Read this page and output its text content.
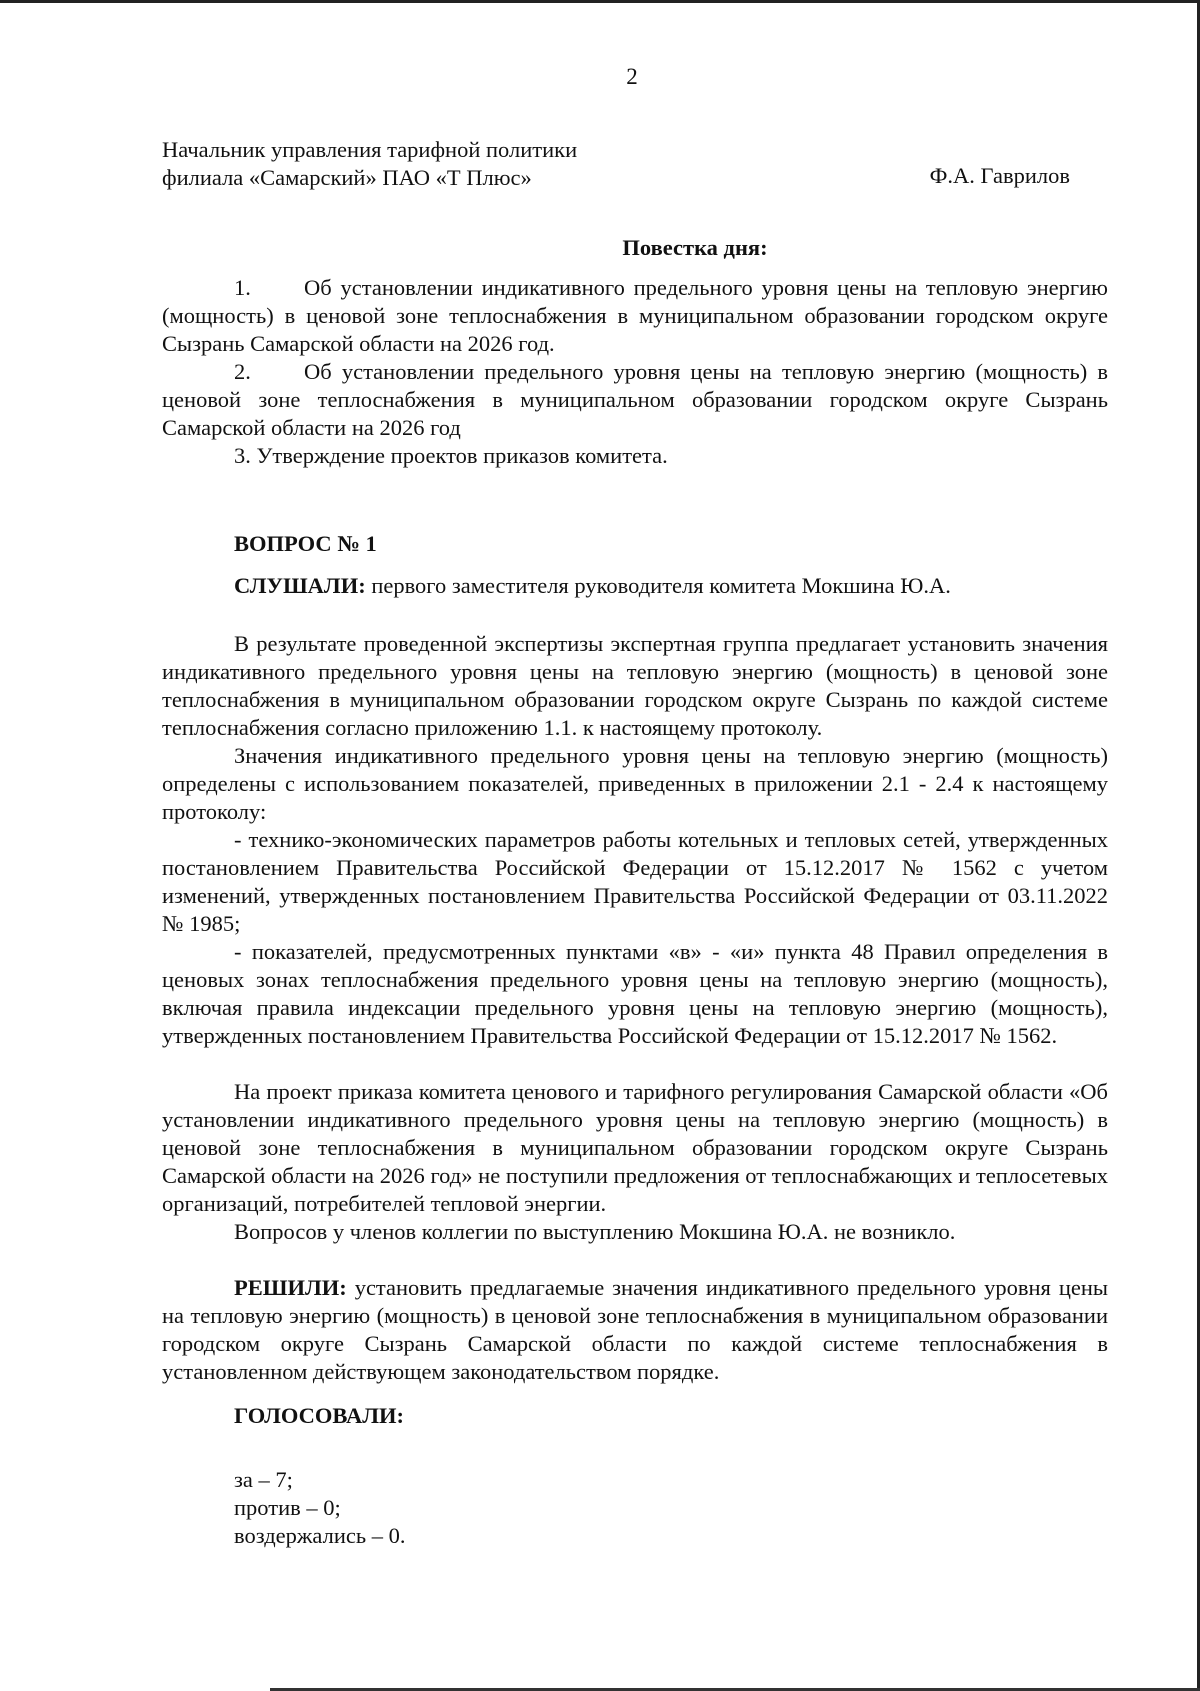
2
Начальник управления тарифной политики
филиала «Самарский» ПАО «Т Плюс»	Ф.А. Гаврилов
Повестка дня:
1. Об установлении индикативного предельного уровня цены на тепловую энергию (мощность) в ценовой зоне теплоснабжения в муниципальном образовании городском округе Сызрань Самарской области на 2026 год.
2. Об установлении предельного уровня цены на тепловую энергию (мощность) в ценовой зоне теплоснабжения в муниципальном образовании городском округе Сызрань Самарской области на 2026 год
3. Утверждение проектов приказов комитета.
ВОПРОС № 1
СЛУШАЛИ: первого заместителя руководителя комитета Мокшина Ю.А.

В результате проведенной экспертизы экспертная группа предлагает установить значения индикативного предельного уровня цены на тепловую энергию (мощность) в ценовой зоне теплоснабжения в муниципальном образовании городском округе Сызрань по каждой системе теплоснабжения согласно приложению 1.1. к настоящему протоколу.

Значения индикативного предельного уровня цены на тепловую энергию (мощность) определены с использованием показателей, приведенных в приложении 2.1 - 2.4 к настоящему протоколу:

- технико-экономических параметров работы котельных и тепловых сетей, утвержденных постановлением Правительства Российской Федерации от 15.12.2017 № 1562 с учетом изменений, утвержденных постановлением Правительства Российской Федерации от 03.11.2022 № 1985;

- показателей, предусмотренных пунктами «в» - «и» пункта 48 Правил определения в ценовых зонах теплоснабжения предельного уровня цены на тепловую энергию (мощность), включая правила индексации предельного уровня цены на тепловую энергию (мощность), утвержденных постановлением Правительства Российской Федерации от 15.12.2017 № 1562.

На проект приказа комитета ценового и тарифного регулирования Самарской области «Об установлении индикативного предельного уровня цены на тепловую энергию (мощность) в ценовой зоне теплоснабжения в муниципальном образовании городском округе Сызрань Самарской области на 2026 год» не поступили предложения от теплоснабжающих и теплосетевых организаций, потребителей тепловой энергии.

Вопросов у членов коллегии по выступлению Мокшина Ю.А. не возникло.

РЕШИЛИ: установить предлагаемые значения индикативного предельного уровня цены на тепловую энергию (мощность) в ценовой зоне теплоснабжения в муниципальном образовании городском округе Сызрань Самарской области по каждой системе теплоснабжения в установленном действующем законодательством порядке.
ГОЛОСОВАЛИ:
за – 7;
против – 0;
воздержались – 0.
